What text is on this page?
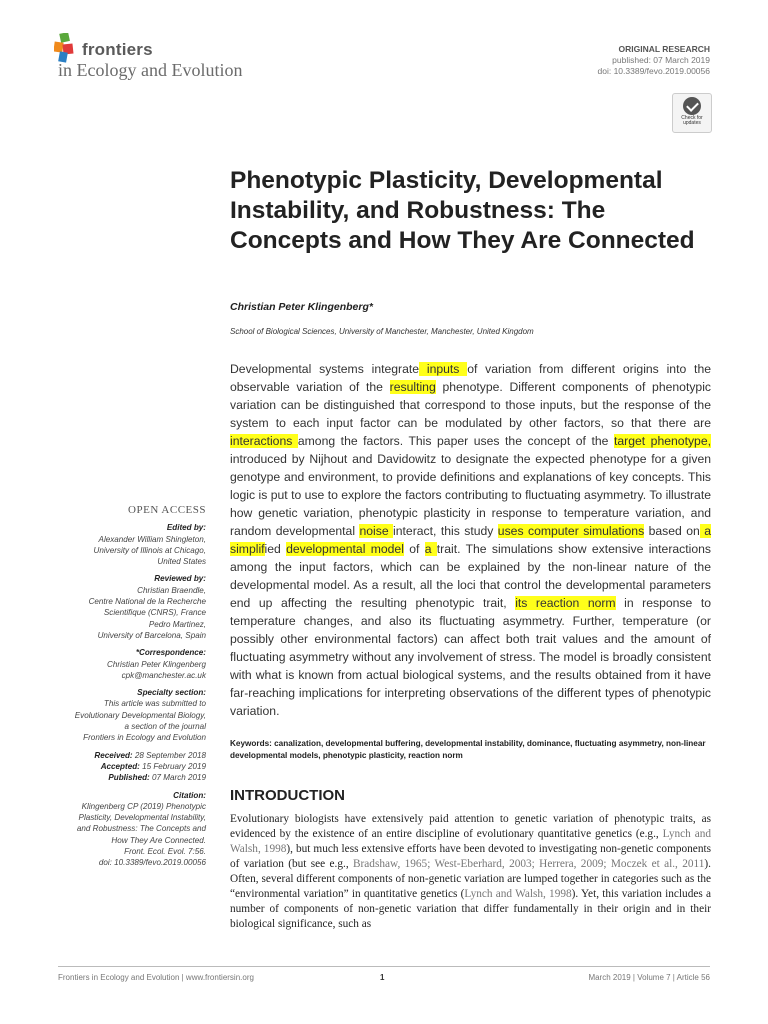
frontiers
in Ecology and Evolution
ORIGINAL RESEARCH
published: 07 March 2019
doi: 10.3389/fevo.2019.00056
Check for updates
Phenotypic Plasticity, Developmental Instability, and Robustness: The Concepts and How They Are Connected
Christian Peter Klingenberg*
School of Biological Sciences, University of Manchester, Manchester, United Kingdom
Developmental systems integrate inputs of variation from different origins into the observable variation of the resulting phenotype. Different components of phenotypic variation can be distinguished that correspond to those inputs, but the response of the system to each input factor can be modulated by other factors, so that there are interactions among the factors. This paper uses the concept of the target phenotype, introduced by Nijhout and Davidowitz to designate the expected phenotype for a given genotype and environment, to provide definitions and explanations of key concepts. This logic is put to use to explore the factors contributing to fluctuating asymmetry. To illustrate how genetic variation, phenotypic plasticity in response to temperature variation, and random developmental noise interact, this study uses computer simulations based on a simplified developmental model of a trait. The simulations show extensive interactions among the input factors, which can be explained by the non-linear nature of the developmental model. As a result, all the loci that control the developmental parameters end up affecting the resulting phenotypic trait, its reaction norm in response to temperature changes, and also its fluctuating asymmetry. Further, temperature (or possibly other environmental factors) can affect both trait values and the amount of fluctuating asymmetry without any involvement of stress. The model is broadly consistent with what is known from actual biological systems, and the results obtained from it have far-reaching implications for interpreting observations of the different types of phenotypic variation.
Keywords: canalization, developmental buffering, developmental instability, dominance, fluctuating asymmetry, non-linear developmental models, phenotypic plasticity, reaction norm
INTRODUCTION
Evolutionary biologists have extensively paid attention to genetic variation of phenotypic traits, as evidenced by the existence of an entire discipline of evolutionary quantitative genetics (e.g., Lynch and Walsh, 1998), but much less extensive efforts have been devoted to investigating non-genetic components of variation (but see e.g., Bradshaw, 1965; West-Eberhard, 2003; Herrera, 2009; Moczek et al., 2011). Often, several different components of non-genetic variation are lumped together in categories such as the “environmental variation” in quantitative genetics (Lynch and Walsh, 1998). Yet, this variation includes a number of components of non-genetic variation that differ fundamentally in their origin and in their biological significance, such as
OPEN ACCESS
Edited by:
Alexander William Shingleton,
University of Illinois at Chicago,
United States
Reviewed by:
Christian Braendle,
Centre National de la Recherche
Scientifique (CNRS), France
Pedro Martinez,
University of Barcelona, Spain
*Correspondence:
Christian Peter Klingenberg
cpk@manchester.ac.uk
Specialty section:
This article was submitted to
Evolutionary Developmental Biology,
a section of the journal
Frontiers in Ecology and Evolution
Received: 28 September 2018
Accepted: 15 February 2019
Published: 07 March 2019
Citation:
Klingenberg CP (2019) Phenotypic
Plasticity, Developmental Instability,
and Robustness: The Concepts and
How They Are Connected.
Front. Ecol. Evol. 7:56.
doi: 10.3389/fevo.2019.00056
Frontiers in Ecology and Evolution | www.frontiersin.org	1	March 2019 | Volume 7 | Article 56
